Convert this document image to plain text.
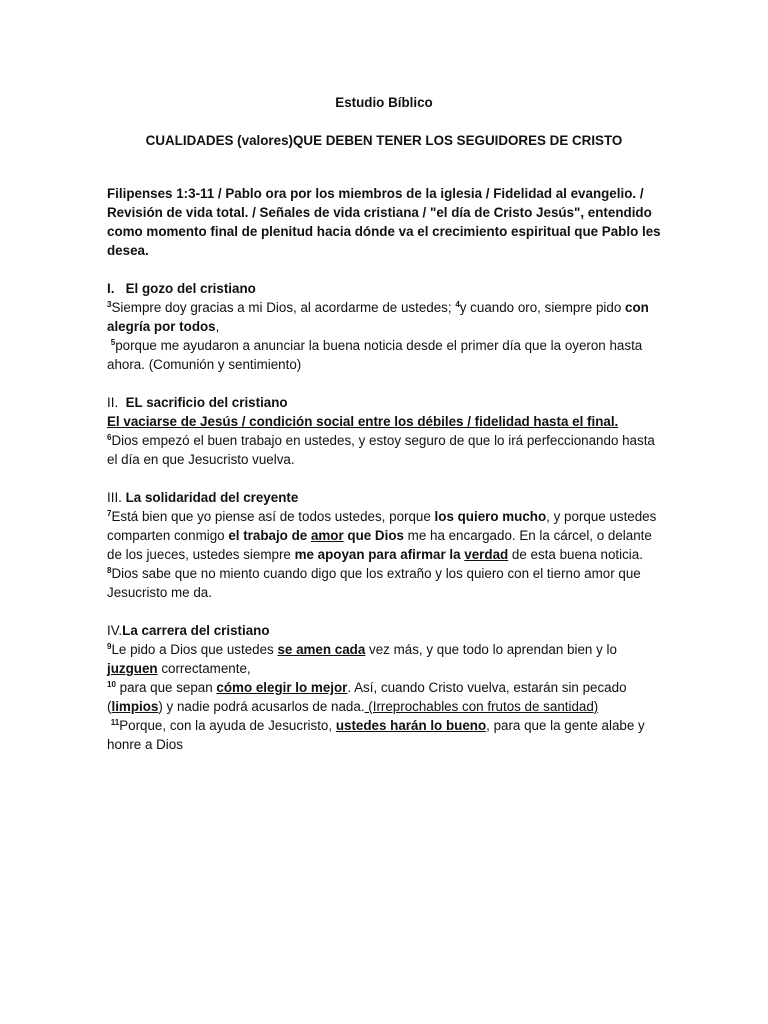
Estudio Bíblico
CUALIDADES (valores)QUE DEBEN TENER LOS SEGUIDORES DE CRISTO

Filipenses 1:3-11 / Pablo ora por los miembros de la iglesia / Fidelidad al evangelio. / Revisión de vida total. / Señales de vida cristiana / "el día de Cristo Jesús", entendido como momento final de plenitud hacia dónde va el crecimiento espiritual que Pablo les desea.

I. El gozo del cristiano

$^3$Siempre doy gracias a mi Dios, al acordarme de ustedes; $^4$y cuando oro, siempre pido con alegría por todos,

$^5$porque me ayudaron a anunciar la buena noticia desde el primer día que la oyeron hasta ahora. (Comunión y sentimiento)

II. EL sacrificio del cristiano
El vaciarse de Jesús / condición social entre los débiles / fidelidad hasta el final.

$^6$Dios empezó el buen trabajo en ustedes, y estoy seguro de que lo irá perfeccionando hasta el día en que Jesucristo vuelva.

III. La solidaridad del creyente

$^7$Está bien que yo piense así de todos ustedes, porque los quiero mucho, y porque ustedes comparten conmigo el trabajo de amor que Dios me ha encargado. En la cárcel, o delante de los jueces, ustedes siempre me apoyan para afirmar la verdad de esta buena noticia.

$^8$Dios sabe que no miento cuando digo que los extraño y los quiero con el tierno amor que Jesucristo me da.

IV.La carrera del cristiano

$^9$Le pido a Dios que ustedes se amen cada vez más, y que todo lo aprendan bien y lo juzguen correctamente,

$^{10}$ para que sepan cómo elegir lo mejor. Así, cuando Cristo vuelva, estarán sin pecado (limpios) y nadie podrá acusarlos de nada. (Irreprochables con frutos de santidad)

$^{11}$Porque, con la ayuda de Jesucristo, ustedes harán lo bueno, para que la gente alabe y honre a Dios
